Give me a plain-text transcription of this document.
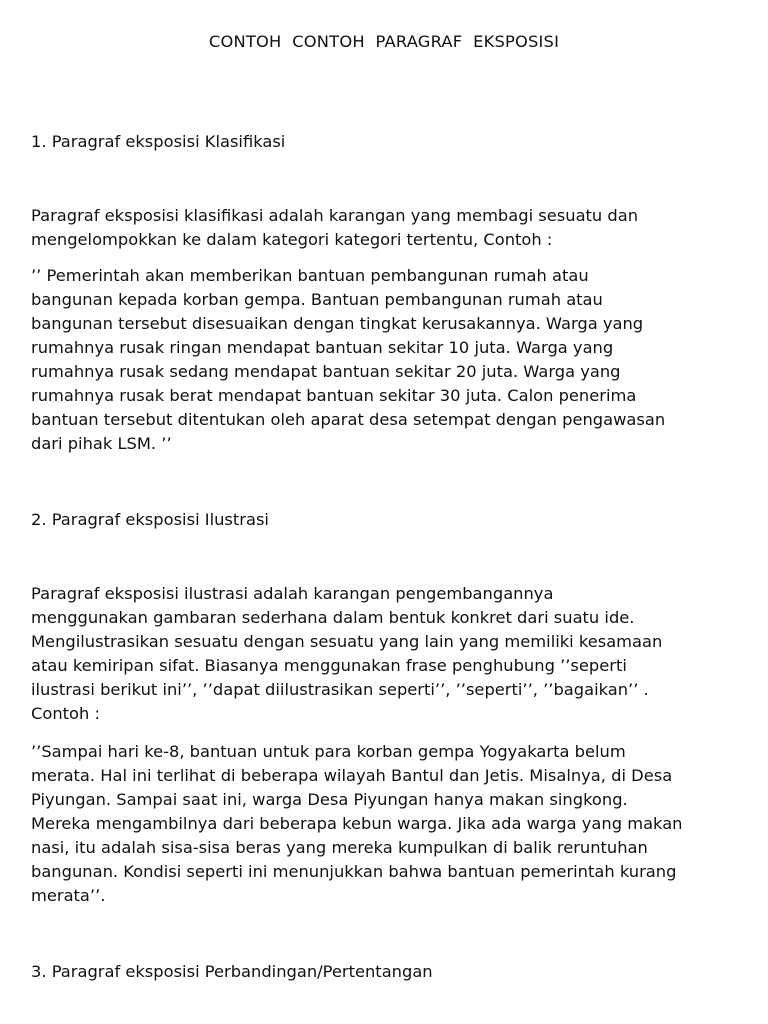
CONTOH  CONTOH  PARAGRAF  EKSPOSISI
1. Paragraf eksposisi Klasifikasi
Paragraf eksposisi klasifikasi adalah karangan yang membagi sesuatu dan
mengelompokkan ke dalam kategori kategori tertentu, Contoh :
’’ Pemerintah akan memberikan bantuan pembangunan rumah atau
bangunan kepada korban gempa. Bantuan pembangunan rumah atau
bangunan tersebut disesuaikan dengan tingkat kerusakannya. Warga yang
rumahnya rusak ringan mendapat bantuan sekitar 10 juta. Warga yang
rumahnya rusak sedang mendapat bantuan sekitar 20 juta. Warga yang
rumahnya rusak berat mendapat bantuan sekitar 30 juta. Calon penerima
bantuan tersebut ditentukan oleh aparat desa setempat dengan pengawasan
dari pihak LSM. ’’
2. Paragraf eksposisi Ilustrasi
Paragraf eksposisi ilustrasi adalah karangan pengembangannya
menggunakan gambaran sederhana dalam bentuk konkret dari suatu ide.
Mengilustrasikan sesuatu dengan sesuatu yang lain yang memiliki kesamaan
atau kemiripan sifat. Biasanya menggunakan frase penghubung ’’seperti
ilustrasi berikut ini’’, ’’dapat diilustrasikan seperti’’, ’’seperti’’, ’’bagaikan’’ .
Contoh :
’’Sampai hari ke-8, bantuan untuk para korban gempa Yogyakarta belum
merata. Hal ini terlihat di beberapa wilayah Bantul dan Jetis. Misalnya, di Desa
Piyungan. Sampai saat ini, warga Desa Piyungan hanya makan singkong.
Mereka mengambilnya dari beberapa kebun warga. Jika ada warga yang makan
nasi, itu adalah sisa-sisa beras yang mereka kumpulkan di balik reruntuhan
bangunan. Kondisi seperti ini menunjukkan bahwa bantuan pemerintah kurang
merata’’.
3. Paragraf eksposisi Perbandingan/Pertentangan
